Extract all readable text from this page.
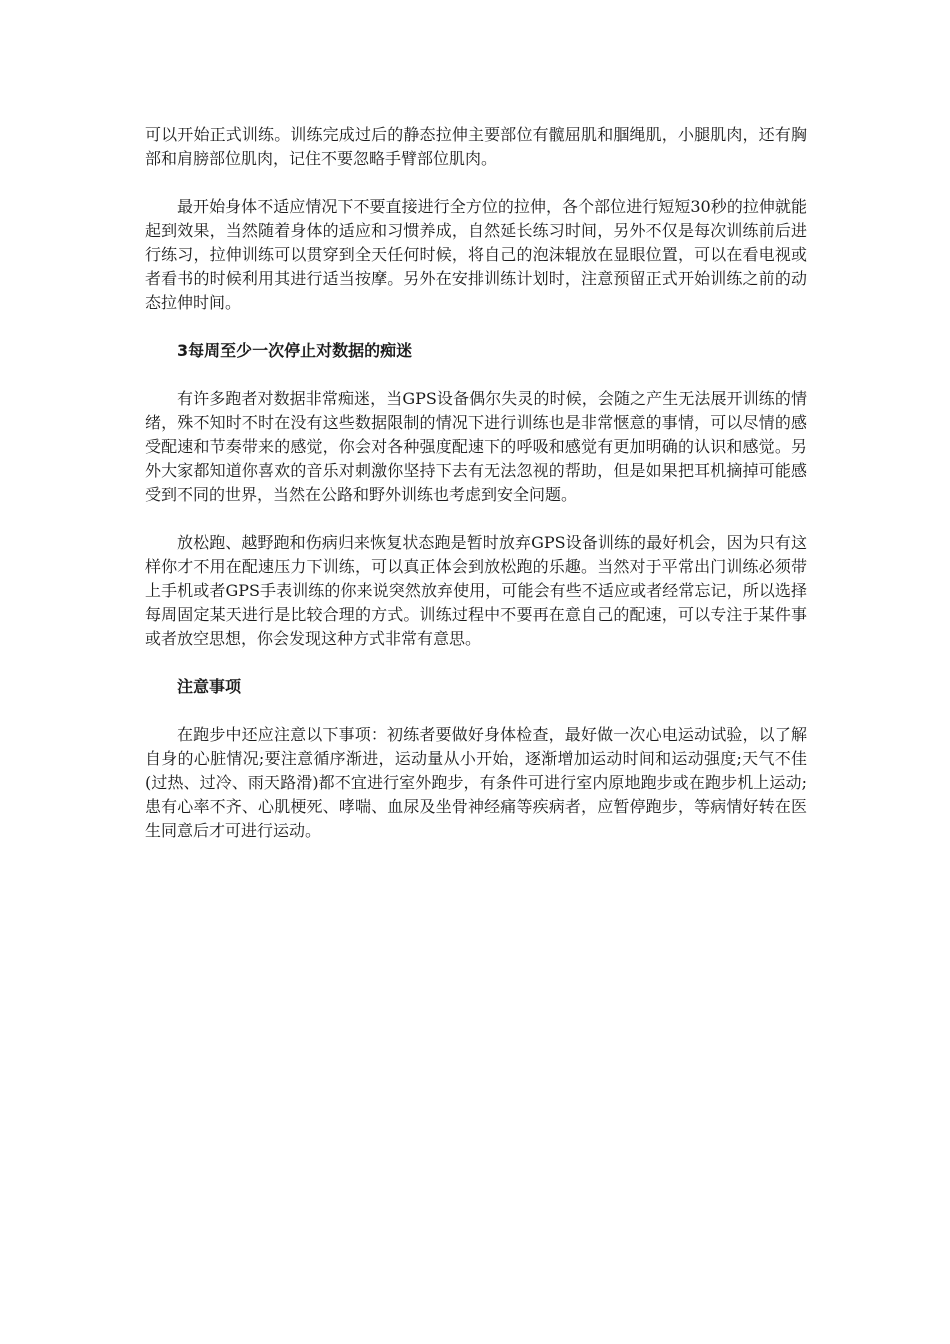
可以开始正式训练。训练完成过后的静态拉伸主要部位有髋屈肌和腘绳肌，小腿肌肉，还有胸部和肩膀部位肌肉，记住不要忽略手臂部位肌肉。

最开始身体不适应情况下不要直接进行全方位的拉伸，各个部位进行短短30秒的拉伸就能起到效果，当然随着身体的适应和习惯养成，自然延长练习时间，另外不仅是每次训练前后进行练习，拉伸训练可以贯穿到全天任何时候，将自己的泡沫辊放在显眼位置，可以在看电视或者看书的时候利用其进行适当按摩。另外在安排训练计划时，注意预留正式开始训练之前的动态拉伸时间。

3每周至少一次停止对数据的痴迷

有许多跑者对数据非常痴迷，当GPS设备偶尔失灵的时候，会随之产生无法展开训练的情绪，殊不知时不时在没有这些数据限制的情况下进行训练也是非常惬意的事情，可以尽情的感受配速和节奏带来的感觉，你会对各种强度配速下的呼吸和感觉有更加明确的认识和感觉。另外大家都知道你喜欢的音乐对刺激你坚持下去有无法忽视的帮助，但是如果把耳机摘掉可能感受到不同的世界，当然在公路和野外训练也考虑到安全问题。

放松跑、越野跑和伤病归来恢复状态跑是暂时放弃GPS设备训练的最好机会，因为只有这样你才不用在配速压力下训练，可以真正体会到放松跑的乐趣。当然对于平常出门训练必须带上手机或者GPS手表训练的你来说突然放弃使用，可能会有些不适应或者经常忘记，所以选择每周固定某天进行是比较合理的方式。训练过程中不要再在意自己的配速，可以专注于某件事或者放空思想，你会发现这种方式非常有意思。

注意事项

在跑步中还应注意以下事项：初练者要做好身体检查，最好做一次心电运动试验，以了解自身的心脏情况;要注意循序渐进，运动量从小开始，逐渐增加运动时间和运动强度;天气不佳(过热、过冷、雨天路滑)都不宜进行室外跑步，有条件可进行室内原地跑步或在跑步机上运动;患有心率不齐、心肌梗死、哮喘、血尿及坐骨神经痛等疾病者，应暂停跑步，等病情好转在医生同意后才可进行运动。
